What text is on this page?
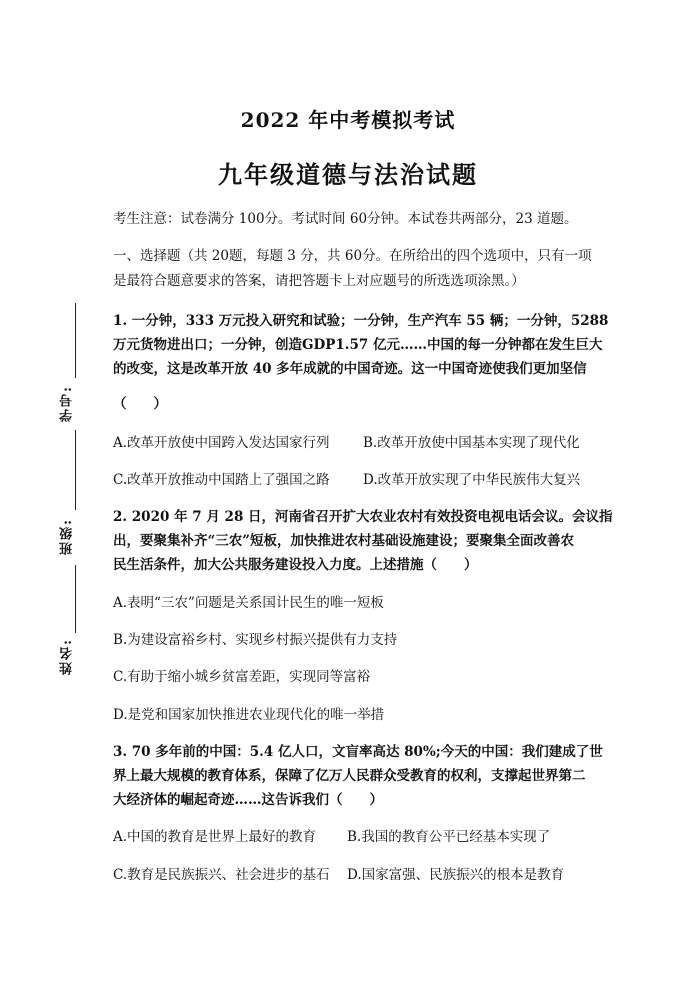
2022 年中考模拟考试
九年级道德与法治试题
考生注意：试卷满分 100分。考试时间 60分钟。本试卷共两部分，23 道题。
一、选择题（共 20题，每题 3 分，共 60分。在所给出的四个选项中，只有一项
是最符合题意要求的答案，请把答题卡上对应题号的所选选项涂黑。）
学号:
班级:
姓名:
1. 一分钟，333 万元投入研究和试验；一分钟，生产汽车 55 辆；一分钟，5288
万元货物进出口；一分钟，创造GDP1.57 亿元……中国的每一分钟都在发生巨大
的改变，这是改革开放 40 多年成就的中国奇迹。这一中国奇迹使我们更加坚信
（　　）
A.改革开放使中国跨入发达国家行列 B.改革开放使中国基本实现了现代化
C.改革开放推动中国踏上了强国之路 D.改革开放实现了中华民族伟大复兴
2. 2020 年 7 月 28 日，河南省召开扩大农业农村有效投资电视电话会议。会议指
出，要聚集补齐“三农”短板，加快推进农村基础设施建设；要聚集全面改善农
民生活条件，加大公共服务建设投入力度。上述措施（　　）
A.表明“三农”问题是关系国计民生的唯一短板
B.为建设富裕乡村、实现乡村振兴提供有力支持
C.有助于缩小城乡贫富差距，实现同等富裕
D.是党和国家加快推进农业现代化的唯一举措
3. 70 多年前的中国：5.4 亿人口，文盲率高达 80%;今天的中国：我们建成了世
界上最大规模的教育体系，保障了亿万人民群众受教育的权利，支撑起世界第二
大经济体的崛起奇迹……这告诉我们（　　）
A.中国的教育是世界上最好的教育 B.我国的教育公平已经基本实现了
C.教育是民族振兴、社会进步的基石 D.国家富强、民族振兴的根本是教育
